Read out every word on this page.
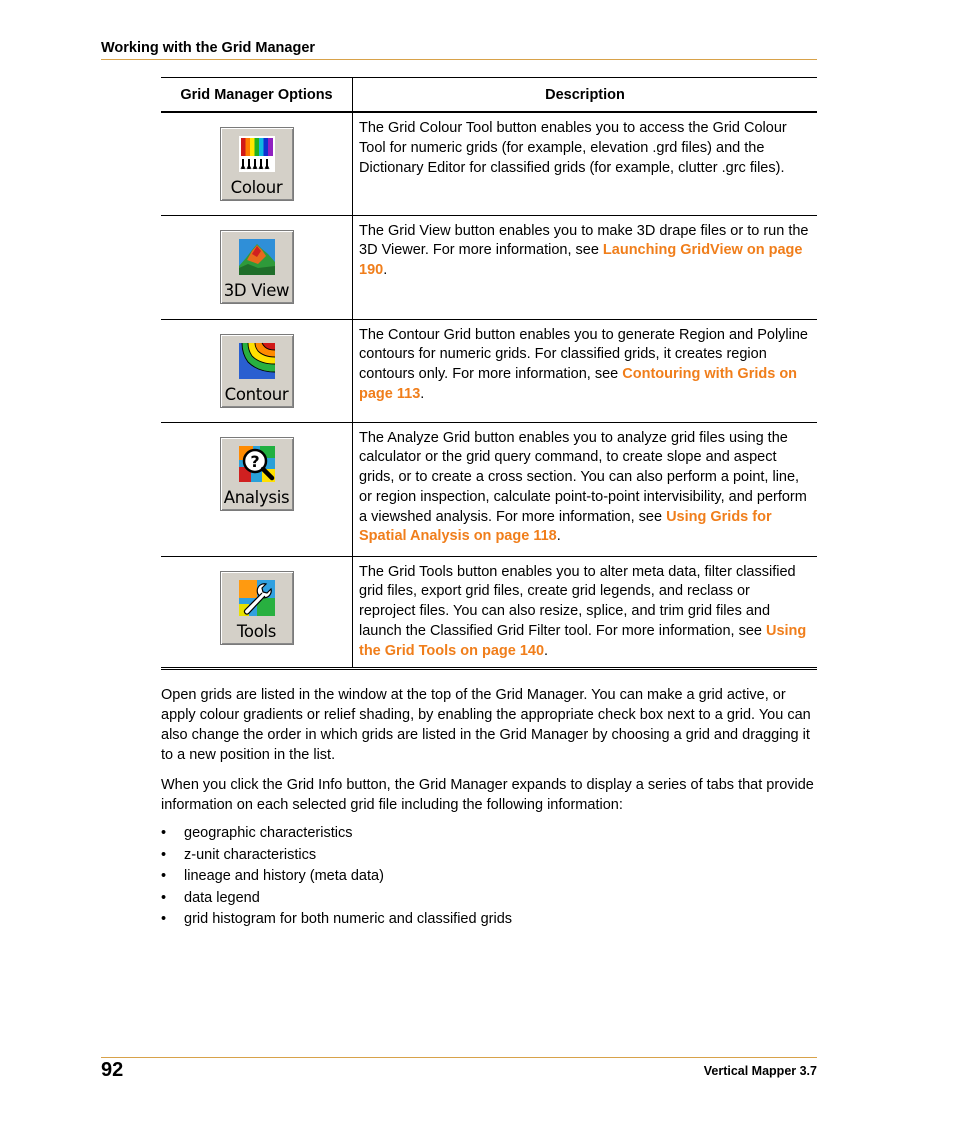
Working with the Grid Manager
Grid Manager Options	Description

Colour	The Grid Colour Tool button enables you to access the Grid Colour Tool for numeric grids (for example, elevation .grd files) and the Dictionary Editor for classified grids (for example, clutter .grc files).

3D View	The Grid View button enables you to make 3D drape files or to run the 3D Viewer. For more information, see Launching GridView on page 190.

Contour	The Contour Grid button enables you to generate Region and Polyline contours for numeric grids. For classified grids, it creates region contours only. For more information, see Contouring with Grids on page 113.

?
Analysis	The Analyze Grid button enables you to analyze grid files using the calculator or the grid query command, to create slope and aspect grids, or to create a cross section. You can also perform a point, line, or region inspection, calculate point-to-point intervisibility, and perform a viewshed analysis. For more information, see Using Grids for Spatial Analysis on page 118.

Tools	The Grid Tools button enables you to alter meta data, filter classified grid files, export grid files, create grid legends, and reclass or reproject files. You can also resize, splice, and trim grid files and launch the Classified Grid Filter tool. For more information, see Using the Grid Tools on page 140.

Open grids are listed in the window at the top of the Grid Manager. You can make a grid active, or apply colour gradients or relief shading, by enabling the appropriate check box next to a grid. You can also change the order in which grids are listed in the Grid Manager by choosing a grid and dragging it to a new position in the list.

When you click the Grid Info button, the Grid Manager expands to display a series of tabs that provide information on each selected grid file including the following information:

• geographic characteristics
• z-unit characteristics
• lineage and history (meta data)
• data legend
• grid histogram for both numeric and classified grids
92	Vertical Mapper 3.7
